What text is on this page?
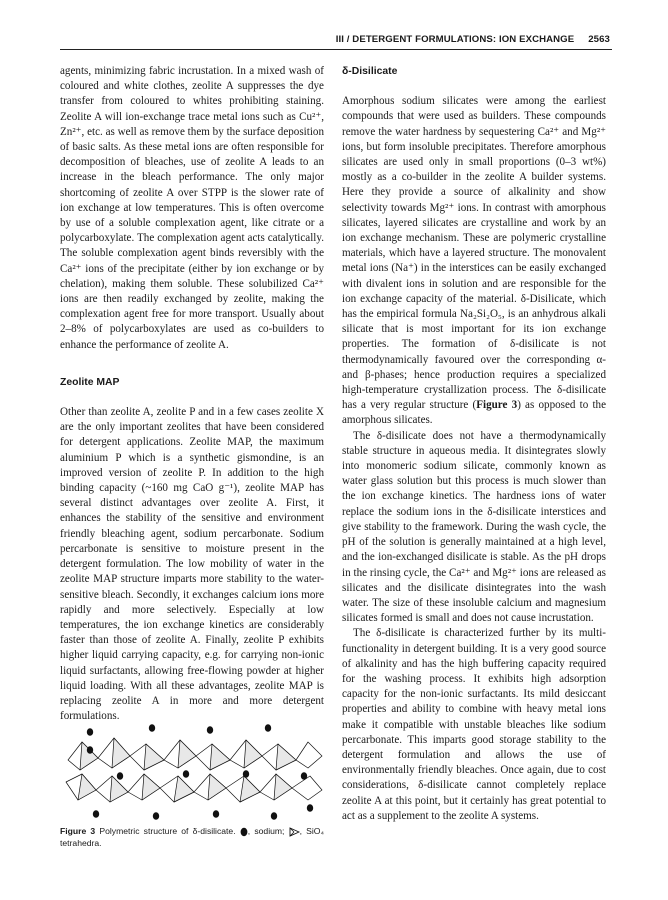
III / DETERGENT FORMULATIONS: ION EXCHANGE 2563

agents, minimizing fabric incrustation. In a mixed wash of coloured and white clothes, zeolite A suppresses the dye transfer from coloured to whites prohibiting staining. Zeolite A will ion-exchange trace metal ions such as Cu²⁺, Zn²⁺, etc. as well as remove them by the surface deposition of basic salts. As these metal ions are often responsible for decomposition of bleaches, use of zeolite A leads to an increase in the bleach performance. The only major shortcoming of zeolite A over STPP is the slower rate of ion exchange at low temperatures. This is often overcome by use of a soluble complexation agent, like citrate or a polycarboxylate. The complexation agent acts catalytically. The soluble complexation agent binds reversibly with the Ca²⁺ ions of the precipitate (either by ion exchange or by chelation), making them soluble. These solubilized Ca²⁺ ions are then readily exchanged by zeolite, making the complexation agent free for more transport. Usually about 2–8% of polycarboxylates are used as co-builders to enhance the performance of zeolite A.

Zeolite MAP

Other than zeolite A, zeolite P and in a few cases zeolite X are the only important zeolites that have been considered for detergent applications. Zeolite MAP, the maximum aluminium P which is a synthetic gismondine, is an improved version of zeolite P. In addition to the high binding capacity (~160 mg CaO g⁻¹), zeolite MAP has several distinct advantages over zeolite A. First, it enhances the stability of the sensitive and environment friendly bleaching agent, sodium percarbonate. Sodium percarbonate is sensitive to moisture present in the detergent formulation. The low mobility of water in the zeolite MAP structure imparts more stability to the water-sensitive bleach. Secondly, it exchanges calcium ions more rapidly and more selectively. Especially at low temperatures, the ion exchange kinetics are considerably faster than those of zeolite A. Finally, zeolite P exhibits higher liquid carrying capacity, e.g. for carrying non-ionic liquid surfactants, allowing free-flowing powder at higher liquid loading. With all these advantages, zeolite MAP is replacing zeolite A in more and more detergent formulations.

Figure 3 Polymetric structure of δ-disilicate. , sodium; , SiO₄ tetrahedra.
δ-Disilicate

Amorphous sodium silicates were among the earliest compounds that were used as builders. These compounds remove the water hardness by sequestering Ca²⁺ and Mg²⁺ ions, but form insoluble precipitates. Therefore amorphous silicates are used only in small proportions (0–3 wt%) mostly as a co-builder in the zeolite A builder systems. Here they provide a source of alkalinity and show selectivity towards Mg²⁺ ions. In contrast with amorphous silicates, layered silicates are crystalline and work by an ion exchange mechanism. These are polymeric crystalline materials, which have a layered structure. The monovalent metal ions (Na⁺) in the interstices can be easily exchanged with divalent ions in solution and are responsible for the ion exchange capacity of the material. δ-Disilicate, which has the empirical formula Na₂Si₂O₅, is an anhydrous alkali silicate that is most important for its ion exchange properties. The formation of δ-disilicate is not thermodynamically favoured over the corresponding α- and β-phases; hence production requires a specialized high-temperature crystallization process. The δ-disilicate has a very regular structure (Figure 3) as opposed to the amorphous silicates.

The δ-disilicate does not have a thermodynamically stable structure in aqueous media. It disintegrates slowly into monomeric sodium silicate, commonly known as water glass solution but this process is much slower than the ion exchange kinetics. The hardness ions of water replace the sodium ions in the δ-disilicate interstices and give stability to the framework. During the wash cycle, the pH of the solution is generally maintained at a high level, and the ion-exchanged disilicate is stable. As the pH drops in the rinsing cycle, the Ca²⁺ and Mg²⁺ ions are released as silicates and the disilicate disintegrates into the wash water. The size of these insoluble calcium and magnesium silicates formed is small and does not cause incrustation.

The δ-disilicate is characterized further by its multi-functionality in detergent building. It is a very good source of alkalinity and has the high buffering capacity required for the washing process. It exhibits high adsorption capacity for the non-ionic surfactants. Its mild desiccant properties and ability to combine with heavy metal ions make it compatible with unstable bleaches like sodium percarbonate. This imparts good storage stability to the detergent formulation and allows the use of environmentally friendly bleaches. Once again, due to cost considerations, δ-disilicate cannot completely replace zeolite A at this point, but it certainly has great potential to act as a supplement to the zeolite A systems.
